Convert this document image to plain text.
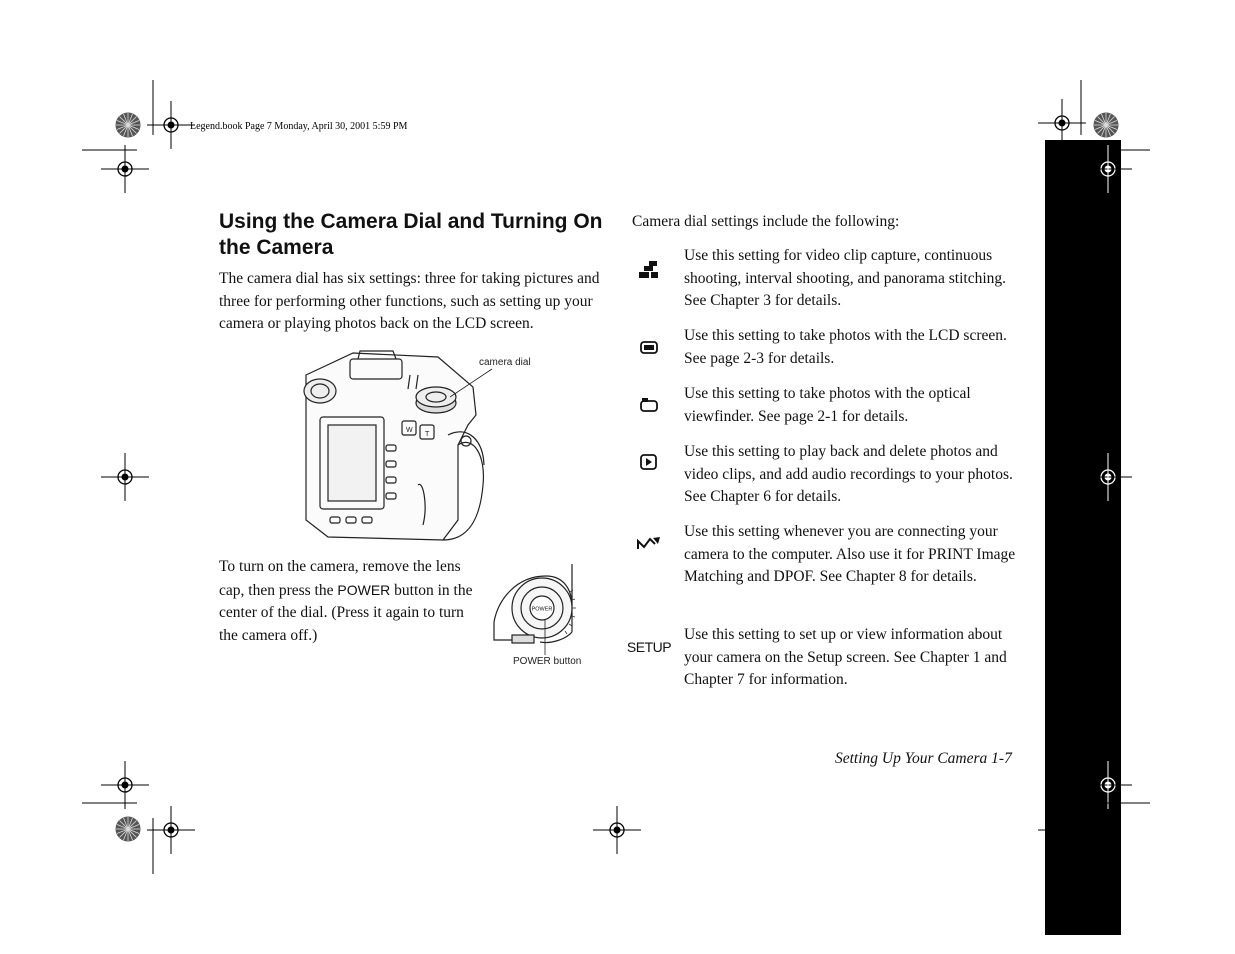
Legend.book Page 7 Monday, April 30, 2001 5:59 PM
Using the Camera Dial and Turning On the Camera
The camera dial has six settings: three for taking pictures and three for performing other functions, such as setting up your camera or playing photos back on the LCD screen.
W
T
camera dial
To turn on the camera, remove the lens cap, then press the POWER button in the center of the dial. (Press it again to turn the camera off.)
POWER
POWER button
Camera dial settings include the following:
Use this setting for video clip capture, continuous shooting, interval shooting, and panorama stitching. See Chapter 3 for details.
Use this setting to take photos with the LCD screen. See page 2-3 for details.
Use this setting to take photos with the optical viewfinder. See page 2-1 for details.
Use this setting to play back and delete photos and video clips, and add audio recordings to your photos. See Chapter 6 for details.
Use this setting whenever you are connecting your camera to the computer. Also use it for PRINT Image Matching and DPOF. See Chapter 8 for details.
SETUP
Use this setting to set up or view information about your camera on the Setup screen. See Chapter 1 and Chapter 7 for information.
Setting Up Your Camera 1-7
